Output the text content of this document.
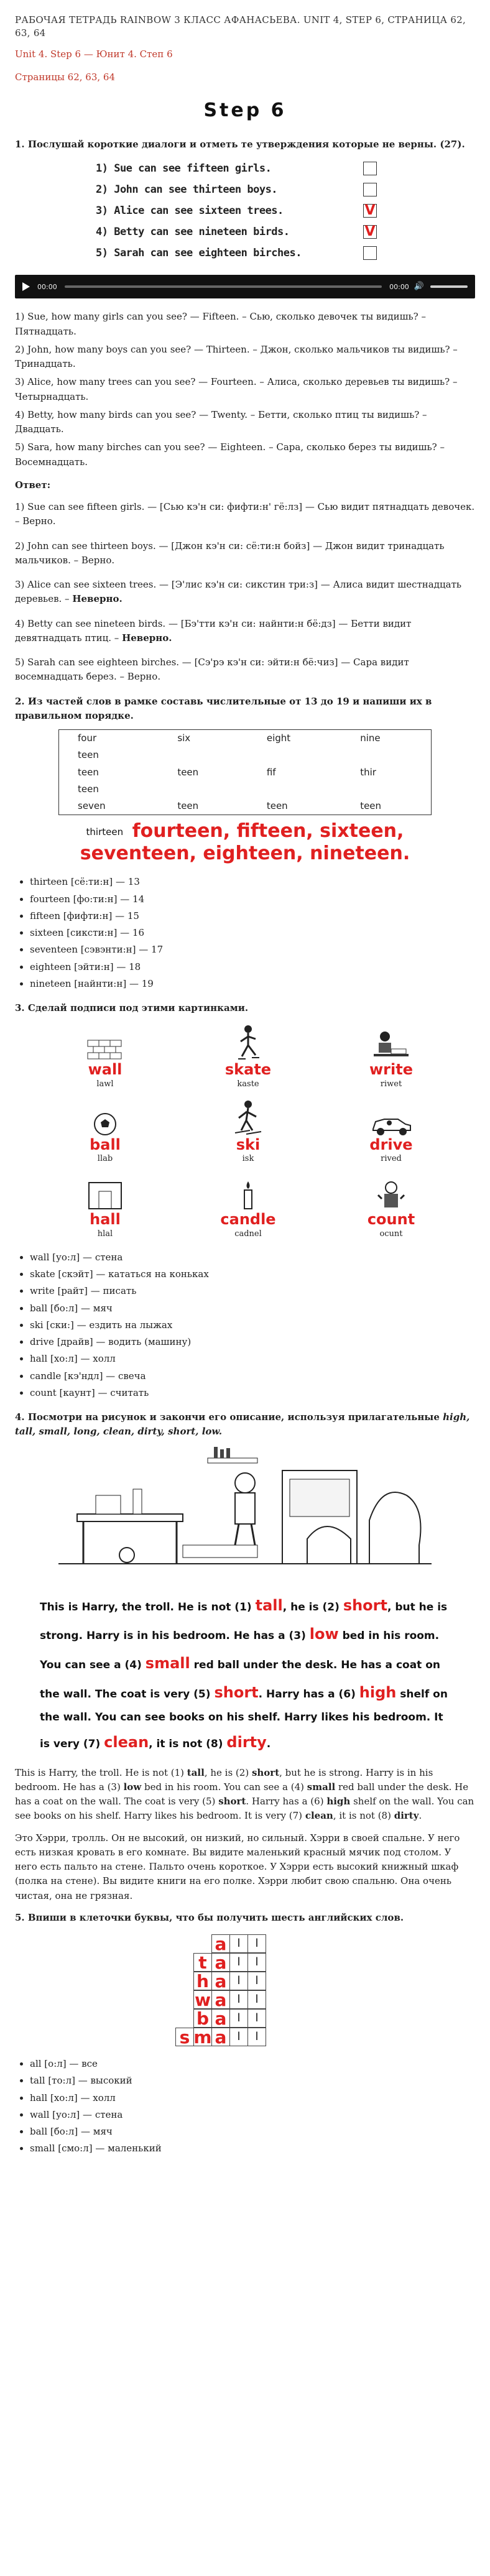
РАБОЧАЯ ТЕТРАДЬ RAINBOW 3 КЛАСС АФАНАСЬЕВА. UNIT 4, STEP 6, СТРАНИЦА 62, 63, 64

Unit 4. Step 6 — Юнит 4. Степ 6

Страницы 62, 63, 64

Step 6
1. Послушай короткие диалоги и отметь те утверждения которые не верны. (27).
1) Sue can see fifteen girls.
2) John can see thirteen boys.
3) Alice can see sixteen trees.	V
4) Betty can see nineteen birds.	V
5) Sarah can see eighteen birches.
00:00	00:00 🔊

1) Sue, how many girls can you see? — Fifteen. – Сью, сколько девочек ты видишь? – Пятнадцать.

2) John, how many boys can you see? — Thirteen. – Джон, сколько мальчиков ты видишь? – Тринадцать.

3) Alice, how many trees can you see? — Fourteen. – Алиса, сколько деревьев ты видишь? – Четырнадцать.

4) Betty, how many birds can you see? — Twenty. – Бетти, сколько птиц ты видишь? – Двадцать.

5) Sara, how many birches can you see? — Eighteen. – Сара, сколько берез ты видишь? – Восемнадцать.

Ответ:

1) Sue can see fifteen girls. — [Сью кэ'н си: фифти:н' гё:лз] — Сью видит пятнадцать девочек. – Верно.

2) John can see thirteen boys. — [Джон кэ'н си: сё:ти:н бойз] — Джон видит тринадцать мальчиков. – Верно.

3) Alice can see sixteen trees. — [Э'лис кэ'н си: сикстин три:з] — Алиса видит шестнадцать деревьев. – Неверно.

4) Betty can see nineteen birds. — [Бэ'тти кэ'н си: найнти:н бё:дз] — Бетти видит девятнадцать птиц. – Неверно.

5) Sarah can see eighteen birches. — [Сэ'рэ кэ'н си: эйти:н бё:чиз] — Сара видит восемнадцать берез. – Верно.

2. Из частей слов в рамке составь числительные от 13 до 19 и напиши их в правильном порядке.
four	six	eight	nine
teen			
teen	teen	fif	thir
teen			
seven	teen	teen	teen
thirteen fourteen, fifteen, sixteen,
seventeen, eighteen, nineteen.
• thirteen [сё:ти:н] — 13
• fourteen [фо:ти:н] — 14
• fifteen [фифти:н] — 15
• sixteen [сиксти:н] — 16
• seventeen [сэвэнти:н] — 17
• eighteen [эйти:н] — 18
• nineteen [найнти:н] — 19
3. Сделай подписи под этими картинками.
wall
lawl
skate
kaste
write
riwet
ball
llab
ski
isk
drive
rived
hall
hlal
candle
cadnel
count
ocunt
• wall [уо:л] — стена
• skate [скэйт] — кататься на коньках
• write [райт] — писать
• ball [бо:л] — мяч
• ski [ски:] — ездить на лыжах
• drive [драйв] — водить (машину)
• hall [хо:л] — холл
• candle [кэ'ндл] — свеча
• count [каунт] — считать
4. Посмотри на рисунок и закончи его описание, используя прилагательные high, tall, small, long, clean, dirty, short, low.
This is Harry, the troll. He is not (1) tall, he is (2) short, but he is strong. Harry is in his bedroom. He has a (3) low bed in his room. You can see a (4) small red ball under the desk. He has a coat on the wall. The coat is very (5) short. Harry has a (6) high shelf on the wall. You can see books on his shelf. Harry likes his bedroom. It is very (7) clean, it is not (8) dirty.

This is Harry, the troll. He is not (1) tall, he is (2) short, but he is strong. Harry is in his bedroom. He has a (3) low bed in his room. You can see a (4) small red ball under the desk. He has a coat on the wall. The coat is very (5) short. Harry has a (6) high shelf on the wall. You can see books on his shelf. Harry likes his bedroom. It is very (7) clean, it is not (8) dirty.

Это Хэрри, тролль. Он не высокий, он низкий, но сильный. Хэрри в своей спальне. У него есть низкая кровать в его комнате. Вы видите маленький красный мячик под столом. У него есть пальто на стене. Пальто очень короткое. У Хэрри есть высокий книжный шкаф (полка на стене). Вы видите книги на его полке. Хэрри любит свою спальню. Она очень чистая, она не грязная.

5. Впиши в клеточки буквы, что бы получить шесть английских слов.
a l	l
t a l	l
h a l	l
w a l	l
b a l	l
s m a l	l
• all [о:л] — все
• tall [то:л] — высокий
• hall [хо:л] — холл
• wall [уо:л] — стена
• ball [бо:л] — мяч
• small [смо:л] — маленький
